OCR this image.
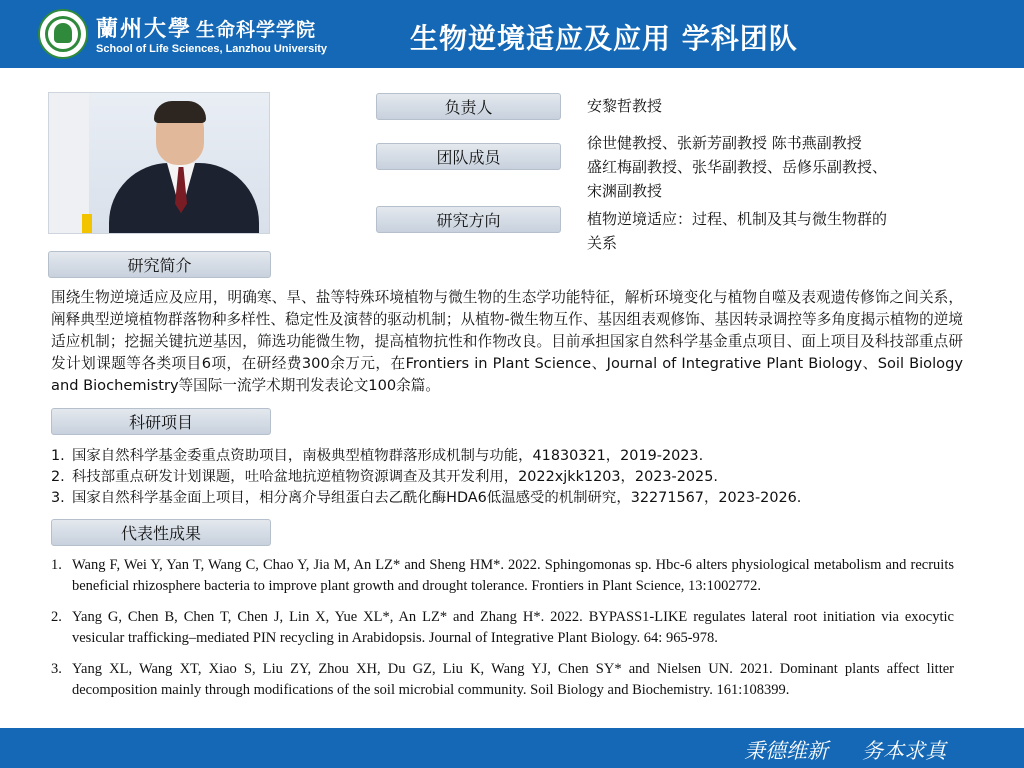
蘭州大學 生命科学学院
School of Life Sciences, Lanzhou University	生物逆境适应及应用 学科团队
负责人	安黎哲教授
团队成员
徐世健教授、张新芳副教授 陈书燕副教授
盛红梅副教授、张华副教授、岳修乐副教授、
宋渊副教授
研究方向	植物逆境适应：过程、机制及其与微生物群的
关系
研究简介
围绕生物逆境适应及应用，明确寒、旱、盐等特殊环境植物与微生物的生态学功能特征，解析环境变化与植物自噬及表观遗传修饰之间关系，阐释典型逆境植物群落物种多样性、稳定性及演替的驱动机制；从植物-微生物互作、基因组表观修饰、基因转录调控等多角度揭示植物的逆境适应机制；挖掘关键抗逆基因，筛选功能微生物，提高植物抗性和作物改良。目前承担国家自然科学基金重点项目、面上项目及科技部重点研发计划课题等各类项目6项，在研经费300余万元，在Frontiers in Plant Science、Journal of Integrative Plant Biology、Soil Biology and Biochemistry等国际一流学术期刊发表论文100余篇。
科研项目
1. 国家自然科学基金委重点资助项目，南极典型植物群落形成机制与功能，41830321，2019-2023.
2. 科技部重点研发计划课题，吐哈盆地抗逆植物资源调查及其开发利用，2022xjkk1203，2023-2025.
3. 国家自然科学基金面上项目，相分离介导组蛋白去乙酰化酶HDA6低温感受的机制研究，32271567，2023-2026.
代表性成果
1. Wang F, Wei Y, Yan T, Wang C, Chao Y, Jia M, An LZ* and Sheng HM*. 2022. Sphingomonas sp. Hbc-6 alters physiological metabolism and recruits beneficial rhizosphere bacteria to improve plant growth and drought tolerance. Frontiers in Plant Science, 13:1002772.
2. Yang G, Chen B, Chen T, Chen J, Lin X, Yue XL*, An LZ* and Zhang H*. 2022. BYPASS1-LIKE regulates lateral root initiation via exocytic vesicular trafficking–mediated PIN recycling in Arabidopsis. Journal of Integrative Plant Biology. 64: 965-978.
3. Yang XL, Wang XT, Xiao S, Liu ZY, Zhou XH, Du GZ, Liu K, Wang YJ, Chen SY* and Nielsen UN. 2021. Dominant plants affect litter decomposition mainly through modifications of the soil microbial community. Soil Biology and Biochemistry. 161:108399.
秉德维新 务本求真
